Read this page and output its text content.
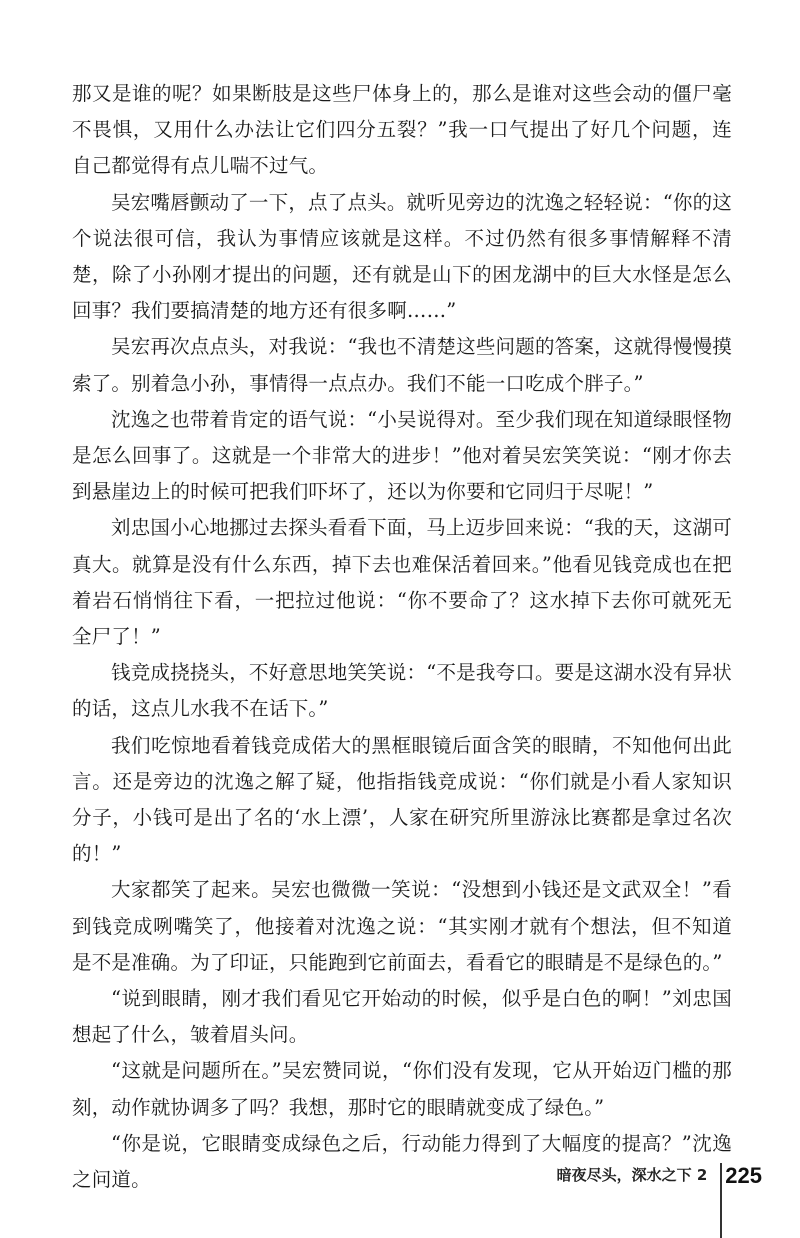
那又是谁的呢？如果断肢是这些尸体身上的，那么是谁对这些会动的僵尸毫不畏惧，又用什么办法让它们四分五裂？”我一口气提出了好几个问题，连自己都觉得有点儿喘不过气。

吴宏嘴唇颤动了一下，点了点头。就听见旁边的沈逸之轻轻说：“你的这个说法很可信，我认为事情应该就是这样。不过仍然有很多事情解释不清楚，除了小孙刚才提出的问题，还有就是山下的困龙湖中的巨大水怪是怎么回事？我们要搞清楚的地方还有很多啊……”

吴宏再次点点头，对我说：“我也不清楚这些问题的答案，这就得慢慢摸索了。别着急小孙，事情得一点点办。我们不能一口吃成个胖子。”

沈逸之也带着肯定的语气说：“小吴说得对。至少我们现在知道绿眼怪物是怎么回事了。这就是一个非常大的进步！”他对着吴宏笑笑说：“刚才你去到悬崖边上的时候可把我们吓坏了，还以为你要和它同归于尽呢！”

刘忠国小心地挪过去探头看看下面，马上迈步回来说：“我的天，这湖可真大。就算是没有什么东西，掉下去也难保活着回来。”他看见钱竞成也在把着岩石悄悄往下看，一把拉过他说：“你不要命了？这水掉下去你可就死无全尸了！”

钱竞成挠挠头，不好意思地笑笑说：“不是我夸口。要是这湖水没有异状的话，这点儿水我不在话下。”

我们吃惊地看着钱竞成偌大的黑框眼镜后面含笑的眼睛，不知他何出此言。还是旁边的沈逸之解了疑，他指指钱竞成说：“你们就是小看人家知识分子，小钱可是出了名的‘水上漂’，人家在研究所里游泳比赛都是拿过名次的！”

大家都笑了起来。吴宏也微微一笑说：“没想到小钱还是文武双全！”看到钱竞成咧嘴笑了，他接着对沈逸之说：“其实刚才就有个想法，但不知道是不是准确。为了印证，只能跑到它前面去，看看它的眼睛是不是绿色的。”

“说到眼睛，刚才我们看见它开始动的时候，似乎是白色的啊！”刘忠国想起了什么，皱着眉头问。

“这就是问题所在。”吴宏赞同说，“你们没有发现，它从开始迈门槛的那刻，动作就协调多了吗？我想，那时它的眼睛就变成了绿色。”

“你是说，它眼睛变成绿色之后，行动能力得到了大幅度的提高？”沈逸之问道。	暗夜尽头，深水之下 2 225
